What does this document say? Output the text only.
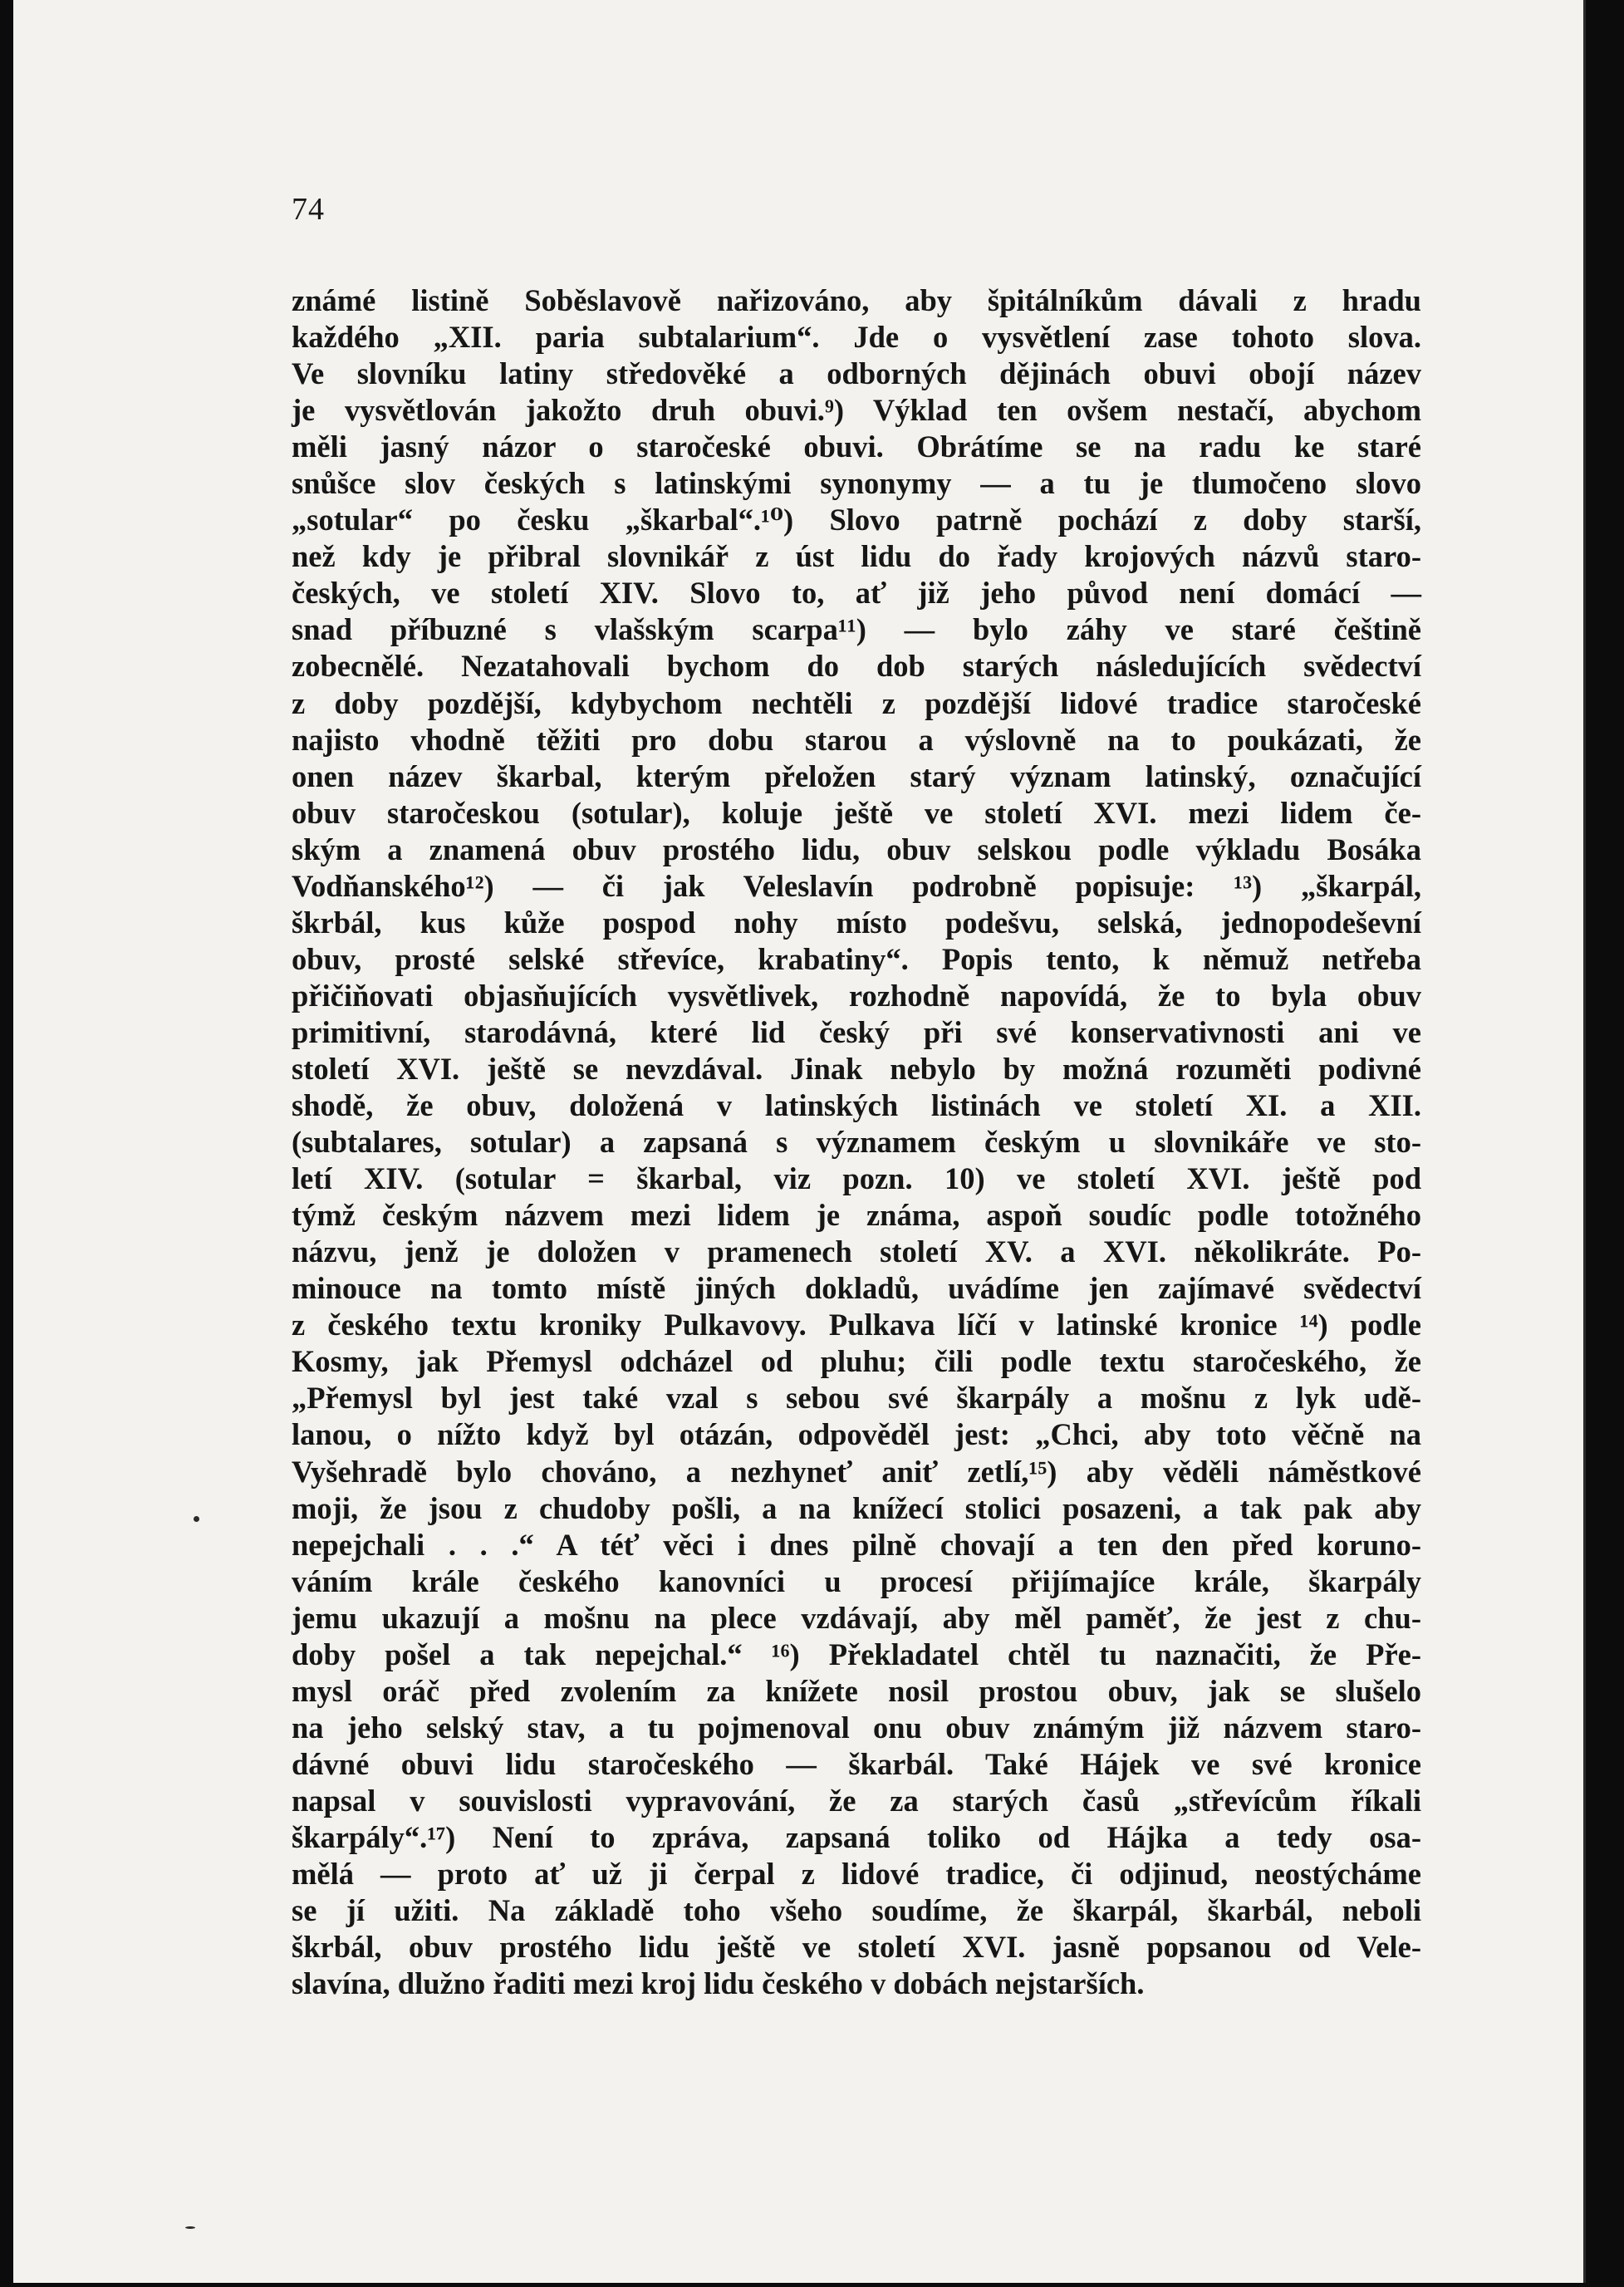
74
známé listině Soběslavově nařizováno, aby špitálníkům dávali z hradu
každého „XII. paria subtalarium“. Jde o vysvětlení zase tohoto slova.
Ve slovníku latiny středověké a odborných dějinách obuvi obojí název
je vysvětlován jakožto druh obuvi.⁹) Výklad ten ovšem nestačí, abychom
měli jasný názor o staročeské obuvi. Obrátíme se na radu ke staré
snůšce slov českých s latinskými synonymy — a tu je tlumočeno slovo
„sotular“ po česku „škarbal“.¹⁰) Slovo patrně pochází z doby starší,
než kdy je přibral slovnikář z úst lidu do řady krojových názvů staro-
českých, ve století XIV. Slovo to, ať již jeho původ není domácí —
snad příbuzné s vlašským scarpa¹¹) — bylo záhy ve staré češtině
zobecnělé. Nezatahovali bychom do dob starých následujících svědectví
z doby pozdější, kdybychom nechtěli z pozdější lidové tradice staročeské
najisto vhodně těžiti pro dobu starou a výslovně na to poukázati, že
onen název škarbal, kterým přeložen starý význam latinský, označující
obuv staročeskou (sotular), koluje ještě ve století XVI. mezi lidem če-
ským a znamená obuv prostého lidu, obuv selskou podle výkladu Bosáka
Vodňanského¹²) — či jak Veleslavín podrobně popisuje: ¹³) „škarpál,
škrbál, kus kůže pospod nohy místo podešvu, selská, jednopodeševní
obuv, prosté selské střevíce, krabatiny“. Popis tento, k němuž netřeba
přičiňovati objasňujících vysvětlivek, rozhodně napovídá, že to byla obuv
primitivní, starodávná, které lid český při své konservativnosti ani ve
století XVI. ještě se nevzdával. Jinak nebylo by možná rozuměti podivné
shodě, že obuv, doložená v latinských listinách ve století XI. a XII.
(subtalares, sotular) a zapsaná s významem českým u slovnikáře ve sto-
letí XIV. (sotular = škarbal, viz pozn. 10) ve století XVI. ještě pod
týmž českým názvem mezi lidem je známa, aspoň soudíc podle totožného
názvu, jenž je doložen v pramenech století XV. a XVI. několikráte. Po-
minouce na tomto místě jiných dokladů, uvádíme jen zajímavé svědectví
z českého textu kroniky Pulkavovy. Pulkava líčí v latinské kronice ¹⁴) podle
Kosmy, jak Přemysl odcházel od pluhu; čili podle textu staročeského, že
„Přemysl byl jest také vzal s sebou své škarpály a mošnu z lyk udě-
lanou, o nížto když byl otázán, odpověděl jest: „Chci, aby toto věčně na
Vyšehradě bylo chováno, a nezhyneť aniť zetlí,¹⁵) aby věděli náměstkové
moji, že jsou z chudoby pošli, a na knížecí stolici posazeni, a tak pak aby
nepejchali . . .“ A téť věci i dnes pilně chovají a ten den před koruno-
váním krále českého kanovníci u procesí přijímajíce krále, škarpály
jemu ukazují a mošnu na plece vzdávají, aby měl paměť, že jest z chu-
doby pošel a tak nepejchal.“ ¹⁶) Překladatel chtěl tu naznačiti, že Pře-
mysl oráč před zvolením za knížete nosil prostou obuv, jak se slušelo
na jeho selský stav, a tu pojmenoval onu obuv známým již názvem staro-
dávné obuvi lidu staročeského — škarbál. Také Hájek ve své kronice
napsal v souvislosti vypravování, že za starých časů „střevícům říkali
škarpály“.¹⁷) Není to zpráva, zapsaná toliko od Hájka a tedy osa-
mělá — proto ať už ji čerpal z lidové tradice, či odjinud, neostýcháme
se jí užiti. Na základě toho všeho soudíme, že škarpál, škarbál, neboli
škrbál, obuv prostého lidu ještě ve století XVI. jasně popsanou od Vele-
slavína, dlužno řaditi mezi kroj lidu českého v dobách nejstarších.
